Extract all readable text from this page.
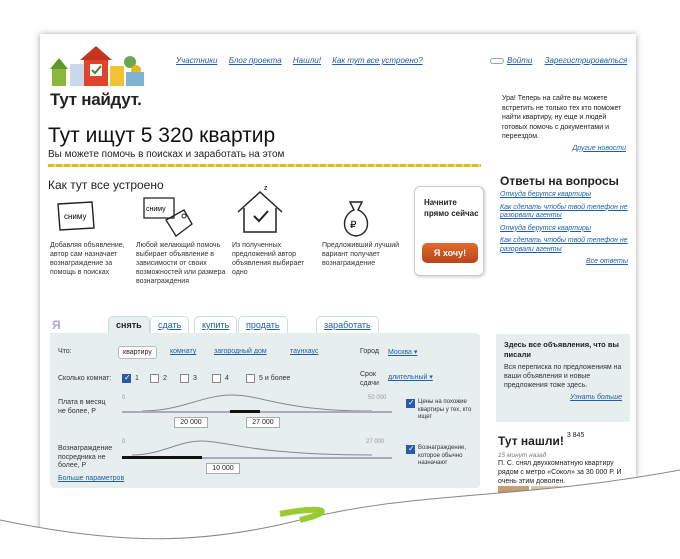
Тут найдут.
Участники Блог проекта Нашли! Как тут все устроено?	Войти Зарегистрироваться
Ура! Теперь на сайте вы можете встретить не только тех кто поможет найти квартиру, ну еще и людей готовых помочь с документами и переездом.
Другие новости
Тут ищут 5 320 квартир
Вы можете помочь в поисках и заработать на этом
Как тут все устроено
сниму
сниму
z
₽
Добавляя объявление, автор сам назначает вознаграждение за помощь в поисках
Любой желающий помочь выбирает объявление в зависимости от своих возможностей или размера вознаграждения
Из полученных предложений автор объявления выбирает одно
Предложивший лучший вариант получает вознаграждение
Начните прямо сейчас
Я хочу!
Ответы на вопросы
Откуда берутся квартиры
Как сделать чтобы твой телефон не разорвали агенты
Откуда берутся квартиры
Как сделать чтобы твой телефон не разорвали агенты
Все ответы
Я	снять	сдать	купить	продать	заработать
Что:	квартиру	комнату	загородный дом	таунхаус	Город	Москва ▾
Сколько комнат:
✓	1	2	3	4	5 и более
Срок сдачи
длительный ▾
Плата в месяц не более, Р
0	50 000
20 000	27 000
✓
Цены на похожие квартиры у тех, кто ищет
Вознаграждение посредника не более, Р
0	27 000
10 000
✓
Вознаграждение, которое обычно назначают
Больше параметров
Здесь все объявления, что вы писали

Вся переписка по предложениям на ваши объявления и новые предложения тоже здесь.

Узнать больше
Тут нашли! $^{3 845}$
15 минут назад

П. С. снял двухкомнатную квартиру рядом с метро «Сокол» за 30 000 Р. И очень этим доволен.
